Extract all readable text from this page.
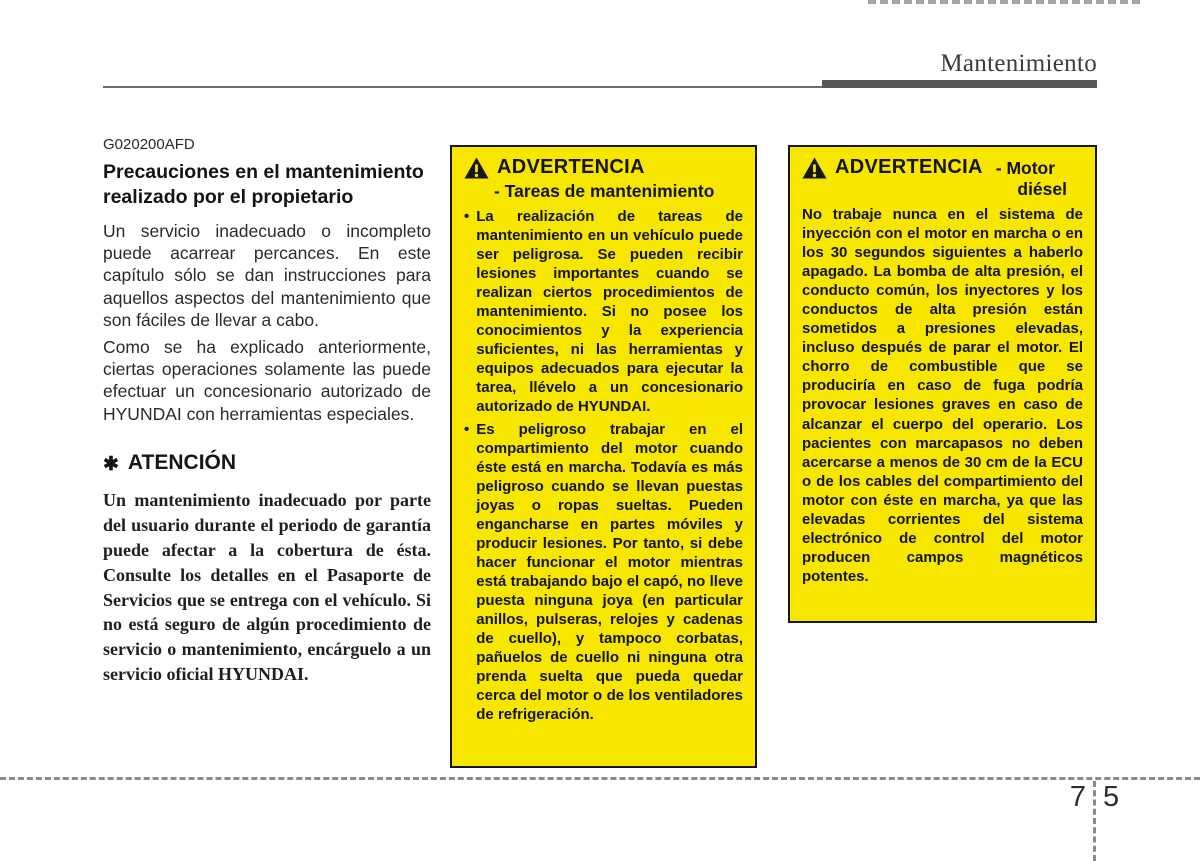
Mantenimiento
G020200AFD
Precauciones en el mantenimiento realizado por el propietario

Un servicio inadecuado o incompleto puede acarrear percances. En este capítulo sólo se dan instrucciones para aquellos aspectos del mantenimiento que son fáciles de llevar a cabo.

Como se ha explicado anteriormente, ciertas operaciones solamente las puede efectuar un concesionario autorizado de HYUNDAI con herramientas especiales.

✱ ATENCIÓN

Un mantenimiento inadecuado por parte del usuario durante el periodo de garantía puede afectar a la cobertura de ésta. Consulte los detalles en el Pasaporte de Servicios que se entrega con el vehículo. Si no está seguro de algún procedimiento de servicio o mantenimiento, encárguelo a un servicio oficial HYUNDAI.

ADVERTENCIA
- Tareas de mantenimiento
• La realización de tareas de mantenimiento en un vehículo puede ser peligrosa. Se pueden recibir lesiones importantes cuando se realizan ciertos procedimientos de mantenimiento. Si no posee los conocimientos y la experiencia suficientes, ni las herramientas y equipos adecuados para ejecutar la tarea, llévelo a un concesionario autorizado de HYUNDAI.

• Es peligroso trabajar en el compartimiento del motor cuando éste está en marcha. Todavía es más peligroso cuando se llevan puestas joyas o ropas sueltas. Pueden engancharse en partes móviles y producir lesiones. Por tanto, si debe hacer funcionar el motor mientras está trabajando bajo el capó, no lleve puesta ninguna joya (en particular anillos, pulseras, relojes y cadenas de cuello), y tampoco corbatas, pañuelos de cuello ni ninguna otra prenda suelta que pueda quedar cerca del motor o de los ventiladores de refrigeración.

ADVERTENCIA - Motor
diésel

No trabaje nunca en el sistema de inyección con el motor en marcha o en los 30 segundos siguientes a haberlo apagado. La bomba de alta presión, el conducto común, los inyectores y los conductos de alta presión están sometidos a presiones elevadas, incluso después de parar el motor. El chorro de combustible que se produciría en caso de fuga podría provocar lesiones graves en caso de alcanzar el cuerpo del operario. Los pacientes con marcapasos no deben acercarse a menos de 30 cm de la ECU o de los cables del compartimiento del motor con éste en marcha, ya que las elevadas corrientes del sistema electrónico de control del motor producen campos magnéticos potentes.

7 5
